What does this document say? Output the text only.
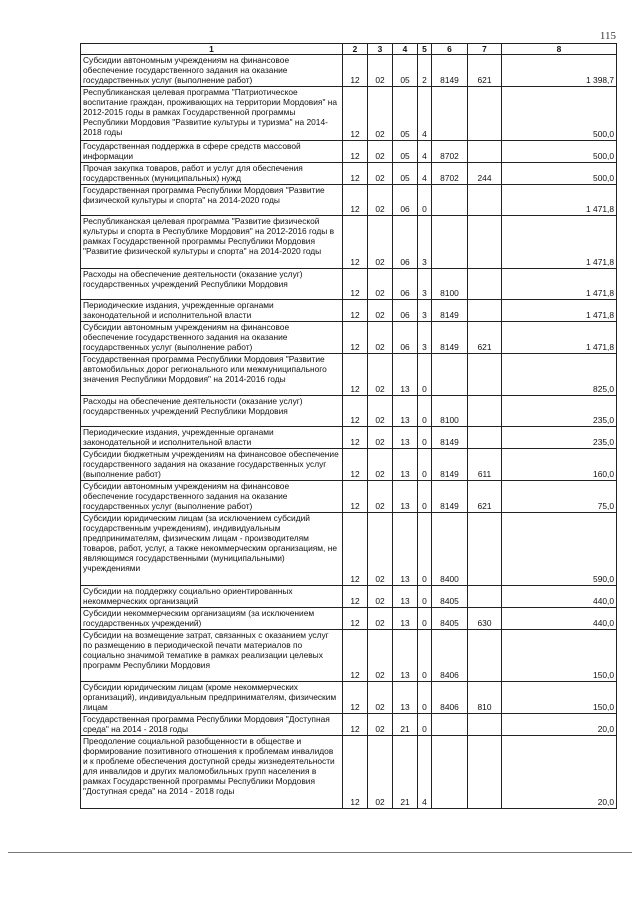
115
1	2	3	4	5	6	7	8
Субсидии автономным учреждениям на финансовое обеспечение государственного задания на оказание государственных услуг (выполнение работ)	12	02	05	2	8149	621	1 398,7
Республиканская целевая программа "Патриотическое воспитание граждан, проживающих на территории Мордовия" на 2012-2015 годы в рамках Государственной программы Республики Мордовия "Развитие культуры и туризма" на 2014-2018 годы	12	02	05	4			500,0
Государственная поддержка в сфере средств массовой информации	12	02	05	4	8702		500,0
Прочая закупка товаров, работ и услуг для обеспечения государственных (муниципальных) нужд	12	02	05	4	8702	244	500,0
Государственная программа Республики Мордовия "Развитие физической культуры и спорта" на 2014-2020 годы	12	02	06	0			1 471,8
Республиканская целевая программа "Развитие физической культуры и спорта в Республике Мордовия" на 2012-2016 годы в рамках Государственной программы Республики Мордовия "Развитие физической культуры и спорта" на 2014-2020 годы	12	02	06	3			1 471,8
Расходы на обеспечение деятельности (оказание услуг) государственных учреждений Республики Мордовия	12	02	06	3	8100		1 471,8
Периодические издания, учрежденные органами законодательной и исполнительной власти	12	02	06	3	8149		1 471,8
Субсидии автономным учреждениям на финансовое обеспечение государственного задания на оказание государственных услуг (выполнение работ)	12	02	06	3	8149	621	1 471,8
Государственная программа Республики Мордовия "Развитие автомобильных дорог регионального или межмуниципального значения Республики Мордовия" на 2014-2016 годы	12	02	13	0			825,0
Расходы на обеспечение деятельности (оказание услуг) государственных учреждений Республики Мордовия	12	02	13	0	8100		235,0
Периодические издания, учрежденные органами законодательной и исполнительной власти	12	02	13	0	8149		235,0
Субсидии бюджетным учреждениям на финансовое обеспечение государственного задания на оказание государственных услуг (выполнение работ)	12	02	13	0	8149	611	160,0
Субсидии автономным учреждениям на финансовое обеспечение государственного задания на оказание государственных услуг (выполнение работ)	12	02	13	0	8149	621	75,0
Субсидии юридическим лицам (за исключением субсидий государственным учреждениям), индивидуальным предпринимателям, физическим лицам - производителям товаров, работ, услуг, а также некоммерческим организациям, не являющимся государственными (муниципальными) учреждениями	12	02	13	0	8400		590,0
Субсидии на поддержку социально ориентированных некоммерческих организаций	12	02	13	0	8405		440,0
Субсидии некоммерческим организациям (за исключением государственных учреждений)	12	02	13	0	8405	630	440,0
Субсидии на возмещение затрат, связанных с оказанием услуг по размещению в периодической печати материалов по социально значимой тематике в рамках реализации целевых программ Республики Мордовия	12	02	13	0	8406		150,0
Субсидии юридическим лицам (кроме некоммерческих организаций), индивидуальным предпринимателям, физическим лицам	12	02	13	0	8406	810	150,0
Государственная программа Республики Мордовия "Доступная среда" на 2014 - 2018 годы	12	02	21	0			20,0
Преодоление социальной разобщенности в обществе и формирование позитивного отношения к проблемам инвалидов и к проблеме обеспечения доступной среды жизнедеятельности для инвалидов и других маломобильных групп населения в рамках Государственной программы Республики Мордовия "Доступная среда" на 2014 - 2018 годы	12	02	21	4			20,0
